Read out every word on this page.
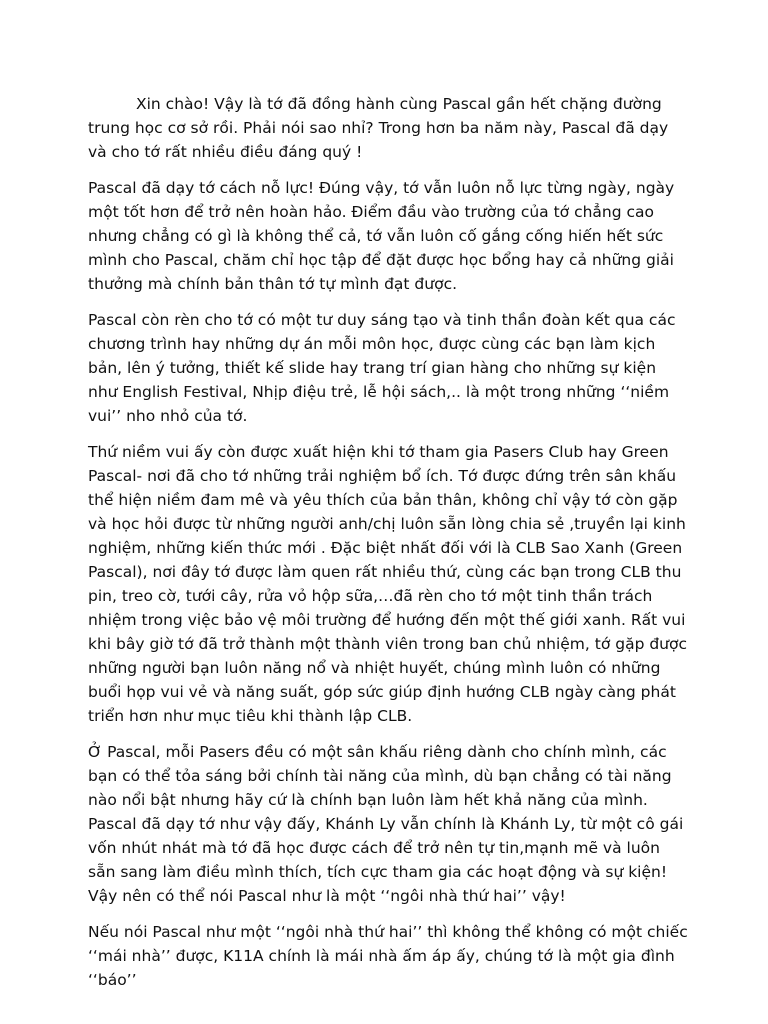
Xin chào! Vậy là tớ đã đồng hành cùng Pascal gần hết chặng đường trung học cơ sở rồi. Phải nói sao nhỉ? Trong hơn ba năm này, Pascal đã dạy và cho tớ rất nhiều điều đáng quý !

Pascal đã dạy tớ cách nỗ lực! Đúng vậy, tớ vẫn luôn nỗ lực từng ngày, ngày một tốt hơn để trở nên hoàn hảo. Điểm đầu vào trường của tớ chẳng cao nhưng chẳng có gì là không thể cả, tớ vẫn luôn cố gắng cống hiến hết sức mình cho Pascal, chăm chỉ học tập để đặt được học bổng hay cả những giải thưởng mà chính bản thân tớ tự mình đạt được.

Pascal còn rèn cho tớ có một tư duy sáng tạo và tinh thần đoàn kết qua các chương trình hay những dự án mỗi môn học, được cùng các bạn làm kịch bản, lên ý tưởng, thiết kế slide hay trang trí gian hàng cho những sự kiện như English Festival, Nhịp điệu trẻ, lễ hội sách,.. là một trong những ‘‘niềm vui’’ nho nhỏ của tớ.

Thứ niềm vui ấy còn được xuất hiện khi tớ tham gia Pasers Club hay Green Pascal- nơi đã cho tớ những trải nghiệm bổ ích. Tớ được đứng trên sân khấu thể hiện niềm đam mê và yêu thích của bản thân, không chỉ vậy tớ còn gặp và học hỏi được từ những người anh/chị luôn sẵn lòng chia sẻ ,truyền lại kinh nghiệm, những kiến thức mới . Đặc biệt nhất đối với là CLB Sao Xanh (Green Pascal), nơi đây tớ được làm quen rất nhiều thứ, cùng các bạn trong CLB thu pin, treo cờ, tưới cây, rửa vỏ hộp sữa,…đã rèn cho tớ một tinh thần trách nhiệm trong việc bảo vệ môi trường để hướng đến một thế giới xanh. Rất vui khi bây giờ tớ đã trở thành một thành viên trong ban chủ nhiệm, tớ gặp được những người bạn luôn năng nổ và nhiệt huyết, chúng mình luôn có những buổi họp vui vẻ và năng suất, góp sức giúp định hướng CLB ngày càng phát triển hơn như mục tiêu khi thành lập CLB.

Ở Pascal, mỗi Pasers đều có một sân khấu riêng dành cho chính mình, các bạn có thể tỏa sáng bởi chính tài năng của mình, dù bạn chẳng có tài năng nào nổi bật nhưng hãy cứ là chính bạn luôn làm hết khả năng của mình. Pascal đã dạy tớ như vậy đấy, Khánh Ly vẫn chính là Khánh Ly, từ một cô gái vốn nhút nhát mà tớ đã học được cách để trở nên tự tin,mạnh mẽ và luôn sẵn sang làm điều mình thích, tích cực tham gia các hoạt động và sự kiện! Vậy nên có thể nói Pascal như là một ‘‘ngôi nhà thứ hai’’ vậy!

Nếu nói Pascal như một ‘‘ngôi nhà thứ hai’’ thì không thể không có một chiếc ‘‘mái nhà’’ được, K11A chính là mái nhà ấm áp ấy, chúng tớ là một gia đình ‘‘báo’’
